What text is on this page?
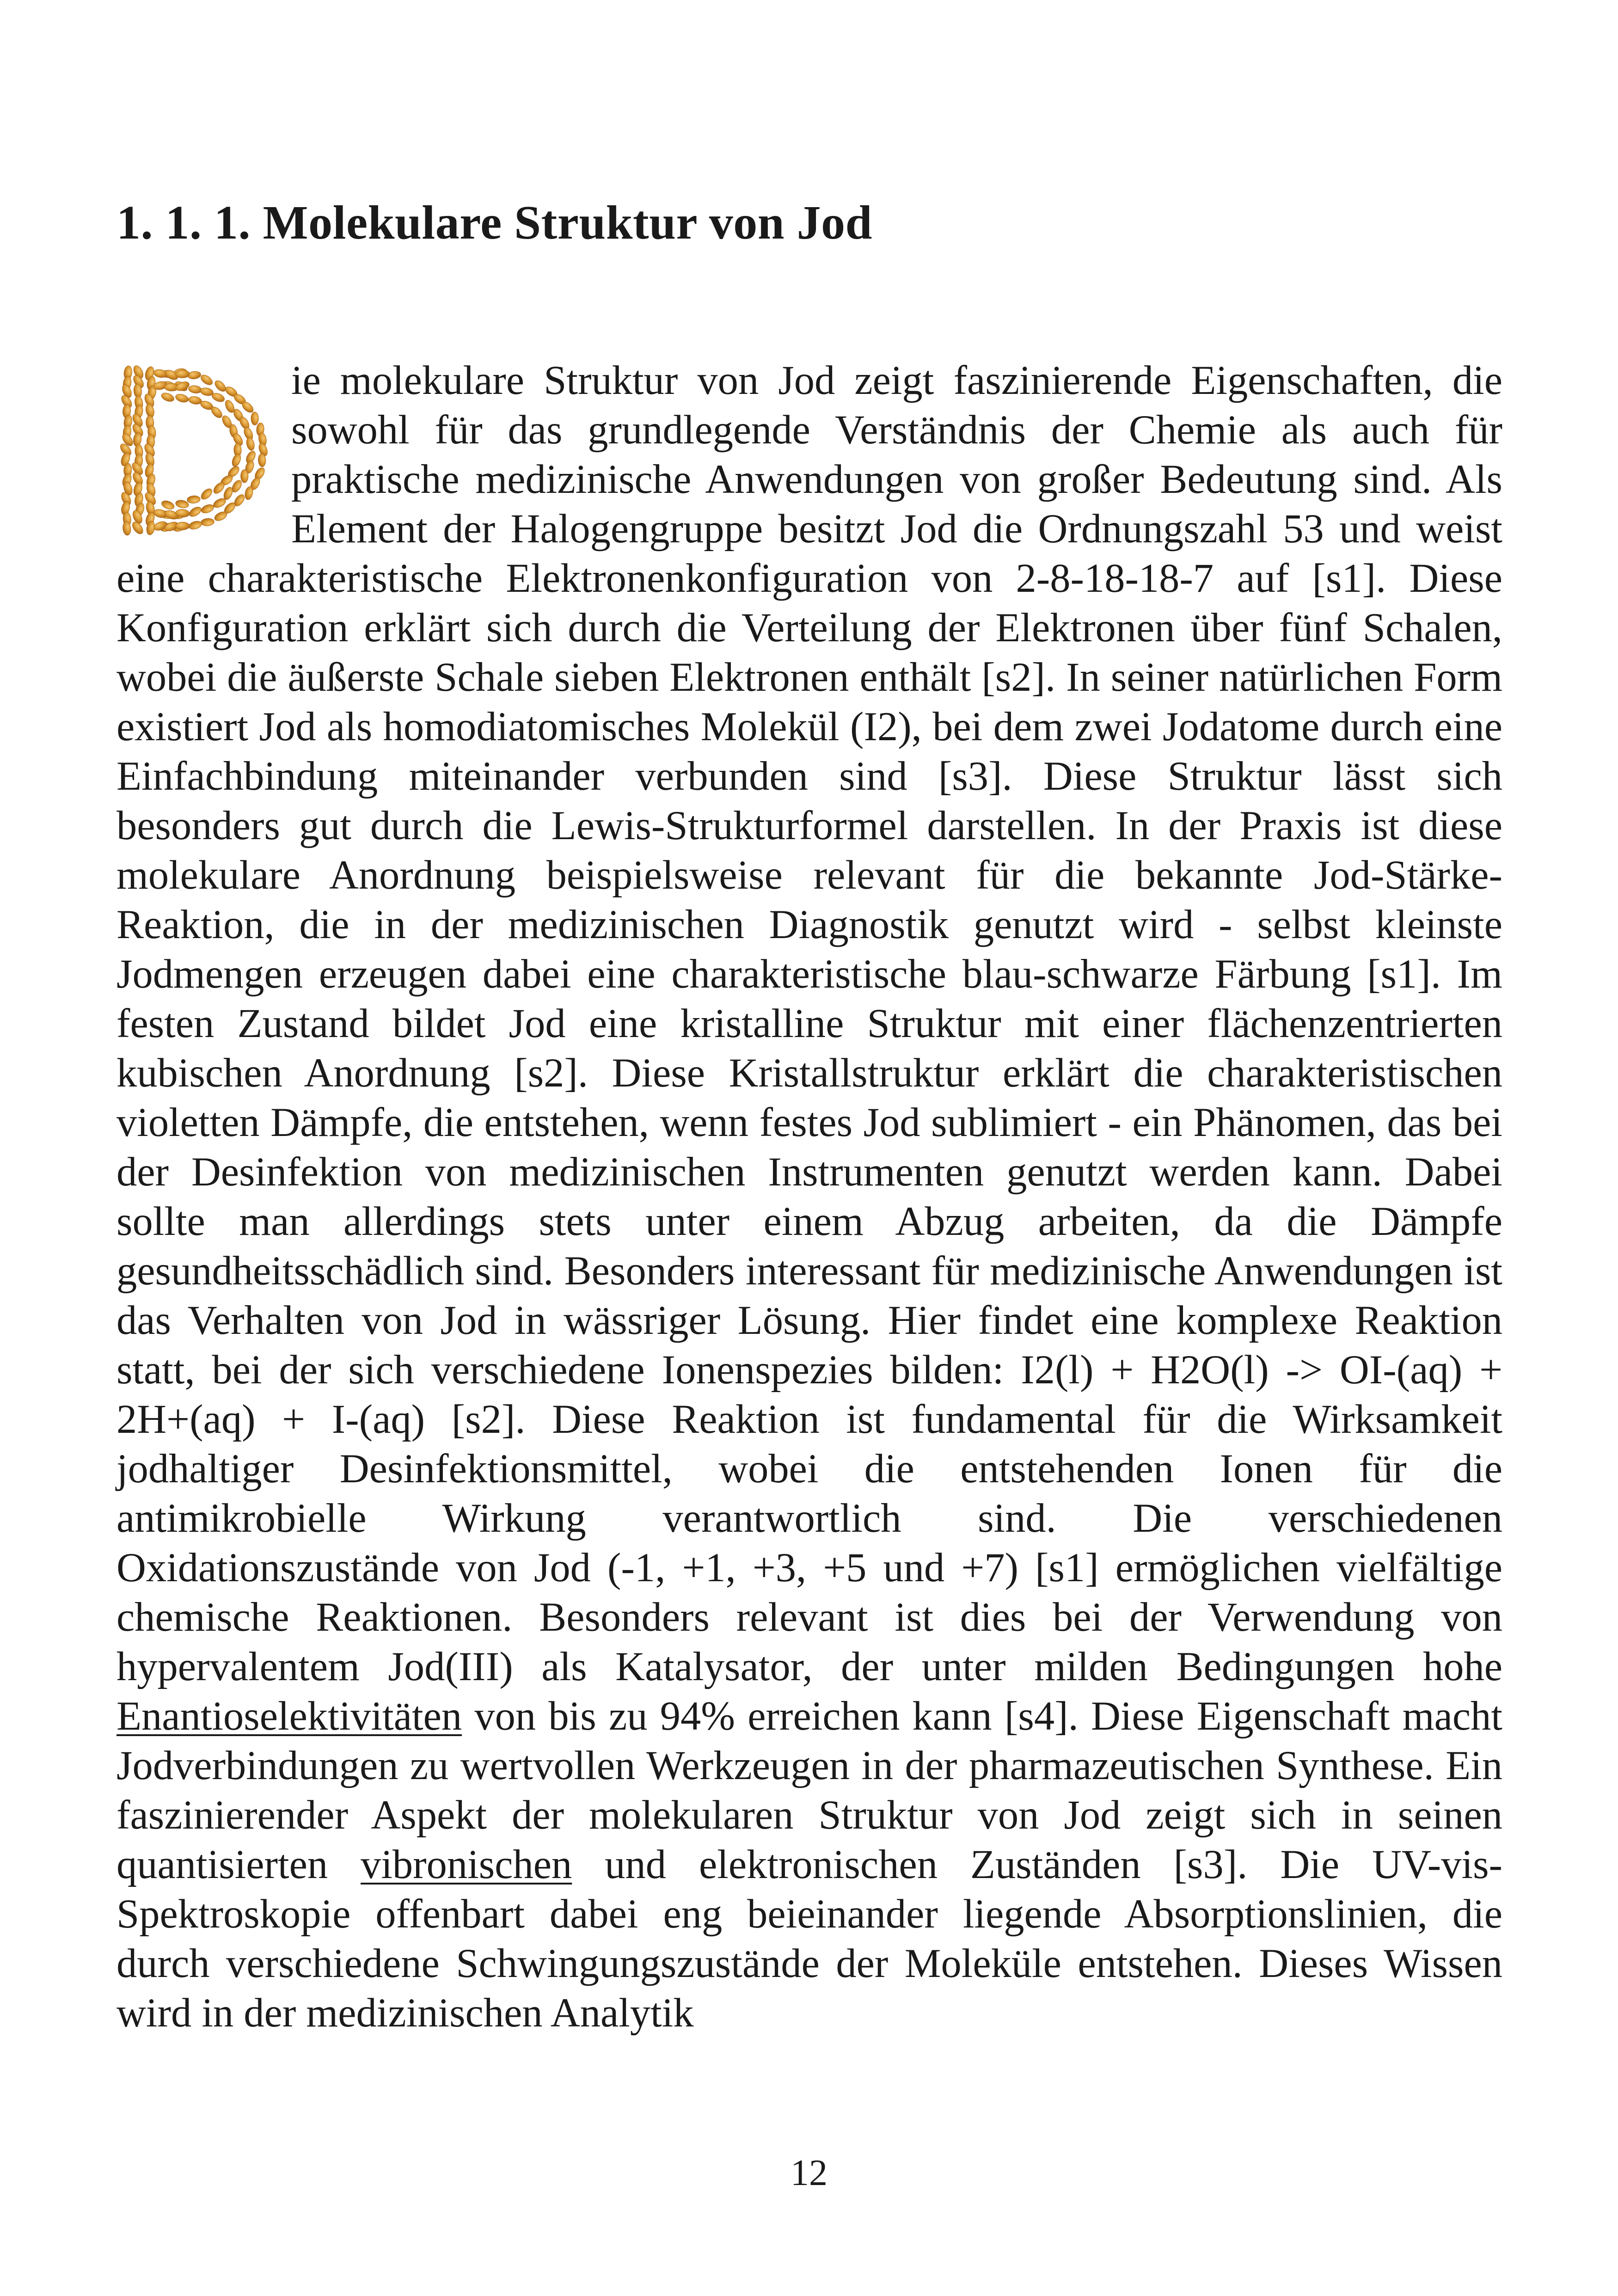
1. 1. 1. Molekulare Struktur von Jod

ie molekulare Struktur von Jod zeigt faszinierende Eigenschaften, die sowohl für das grundlegende Verständnis der Chemie als auch für praktische medizinische Anwendungen von großer Bedeutung sind. Als Element der Halogengruppe besitzt Jod die Ordnungszahl 53 und weist eine charakteristische Elektronenkonfiguration von 2-8-18-18-7 auf [s1]. Diese Konfiguration erklärt sich durch die Verteilung der Elektronen über fünf Schalen, wobei die äußerste Schale sieben Elektronen enthält [s2]. In seiner natürlichen Form existiert Jod als homodiatomisches Molekül (I2), bei dem zwei Jodatome durch eine Einfachbindung miteinander verbunden sind [s3]. Diese Struktur lässt sich besonders gut durch die Lewis-Strukturformel darstellen. In der Praxis ist diese molekulare Anordnung beispielsweise relevant für die bekannte Jod-Stärke-Reaktion, die in der medizinischen Diagnostik genutzt wird - selbst kleinste Jodmengen erzeugen dabei eine charakteristische blau-schwarze Färbung [s1]. Im festen Zustand bildet Jod eine kristalline Struktur mit einer flächenzentrierten kubischen Anordnung [s2]. Diese Kristallstruktur erklärt die charakteristischen violetten Dämpfe, die entstehen, wenn festes Jod sublimiert - ein Phänomen, das bei der Desinfektion von medizinischen Instrumenten genutzt werden kann. Dabei sollte man allerdings stets unter einem Abzug arbeiten, da die Dämpfe gesundheitsschädlich sind. Besonders interessant für medizinische Anwendungen ist das Verhalten von Jod in wässriger Lösung. Hier findet eine komplexe Reaktion statt, bei der sich verschiedene Ionenspezies bilden: I2(l) + H2O(l) -> OI-(aq) + 2H+(aq) + I-(aq) [s2]. Diese Reaktion ist fundamental für die Wirksamkeit jodhaltiger Desinfektionsmittel, wobei die entstehenden Ionen für die antimikrobielle Wirkung verantwortlich sind. Die verschiedenen Oxidationszustände von Jod (-1, +1, +3, +5 und +7) [s1] ermöglichen vielfältige chemische Reaktionen. Besonders relevant ist dies bei der Verwendung von hypervalentem Jod(III) als Katalysator, der unter milden Bedingungen hohe Enantioselektivitäten von bis zu 94% erreichen kann [s4]. Diese Eigenschaft macht Jodverbindungen zu wertvollen Werkzeugen in der pharmazeutischen Synthese. Ein faszinierender Aspekt der molekularen Struktur von Jod zeigt sich in seinen quantisierten vibronischen und elektronischen Zuständen [s3]. Die UV-vis-Spektroskopie offenbart dabei eng beieinander liegende Absorptionslinien, die durch verschiedene Schwingungszustände der Moleküle entstehen. Dieses Wissen wird in der medizinischen Analytik

12
